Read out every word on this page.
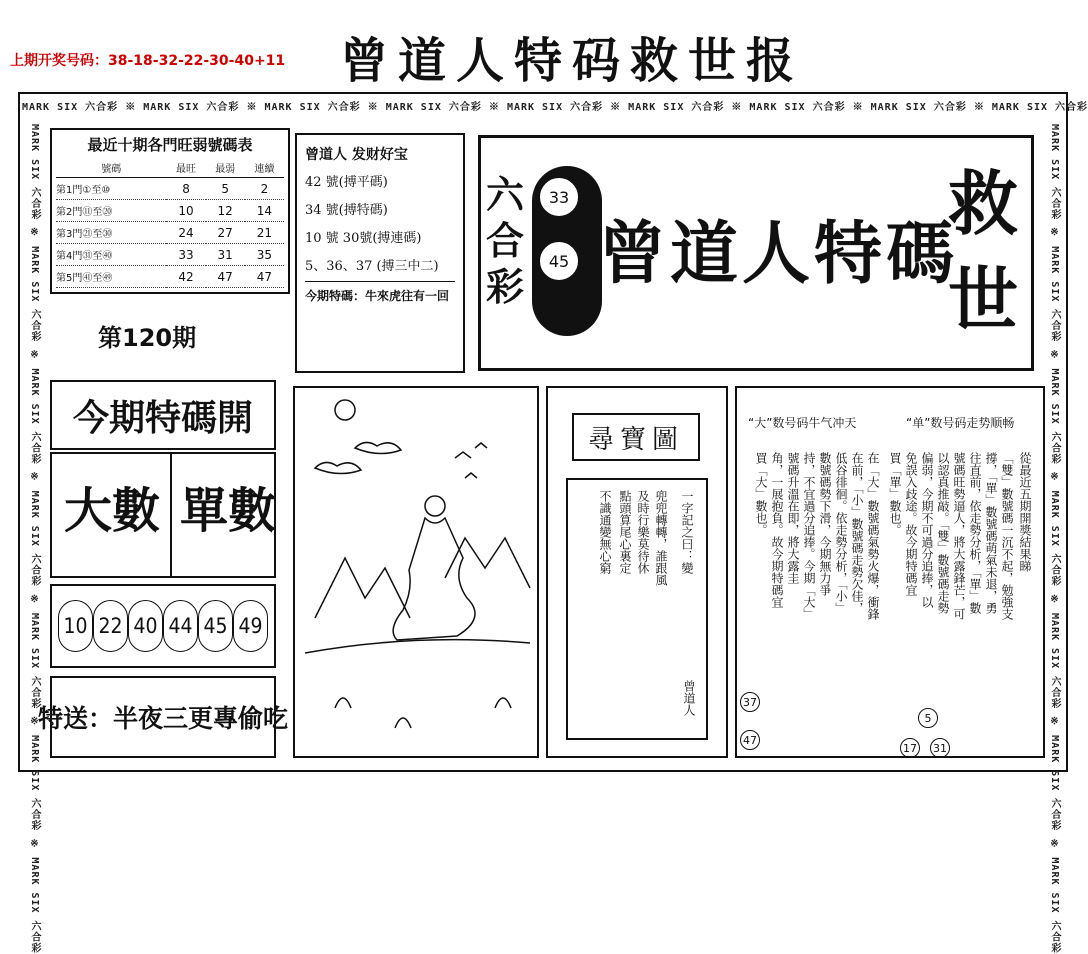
上期开奖号码：38-18-32-22-30-40+11 曾道人特码救世报
MARK SIX 六合彩 ※ MARK SIX 六合彩 ※ MARK SIX 六合彩 ※ MARK SIX 六合彩 ※ MARK SIX 六合彩 ※ MARK SIX 六合彩 ※ MARK SIX 六合彩 ※ MARK SIX 六合彩 ※ MARK SIX 六合彩
MARK SIX 六合彩 ※ MARK SIX 六合彩 ※ MARK SIX 六合彩 ※ MARK SIX 六合彩 ※ MARK SIX 六合彩 ※ MARK SIX 六合彩 ※ MARK SIX 六合彩
MARK SIX 六合彩 ※ MARK SIX 六合彩 ※ MARK SIX 六合彩 ※ MARK SIX 六合彩 ※ MARK SIX 六合彩 ※ MARK SIX 六合彩 ※ MARK SIX 六合彩
最近十期各門旺弱號碼表
號碼	最旺	最弱	連續
第1門①至⑩	8	5	2
第2門⑪至⑳	10	12	14
第3門㉑至㉚	24	27	21
第4門㉛至㊵	33	31	35
第5門㊶至㊾	42	47	47
曾道人 发财好宝
42 號(搏平碼)
34 號(搏特碼)
10 號 30號(搏連碼)
5、36、37 (搏三中二)
今期特碼：牛來虎往有一回
第120期
六合彩
33
45 曾道人特碼
救世
今期特碼開
大數 單數
10 22 40 44 45 49
特送：半夜三更專偷吃
尋寶圖
一字記之曰：變
兜兜轉轉，誰跟風
及時行樂莫待休
點頭算尾心裏定
不識通變無心窮
曾道人
“大”数号码牛气冲天	“单”数号码走势顺畅
從最近五期開獎結果睇
「雙」數號碼一沉不起，勉強支
撐，「單」數號碼萌氣未退，勇
往直前，依走勢分析，「單」數
號碼旺勢逼人，將大露鋒芒，可
以認真推敲。「雙」數號碼走勢
偏弱，今期不可過分追捧，以
免誤入歧途。故今期特碼宜
買「單」數也。
在「大」數號碼氣勢火爆，衝鋒
在前，「小」數號碼走勢欠佳，
低谷徘徊。依走勢分析，「小」
數號碼勢下滑，今期無力爭
持，不宜過分追捧。今期「大」
號碼升溫在即，將大露圭
角，一展抱負。故今期特碼宜
買「大」數也。
5
17 31
37
47
